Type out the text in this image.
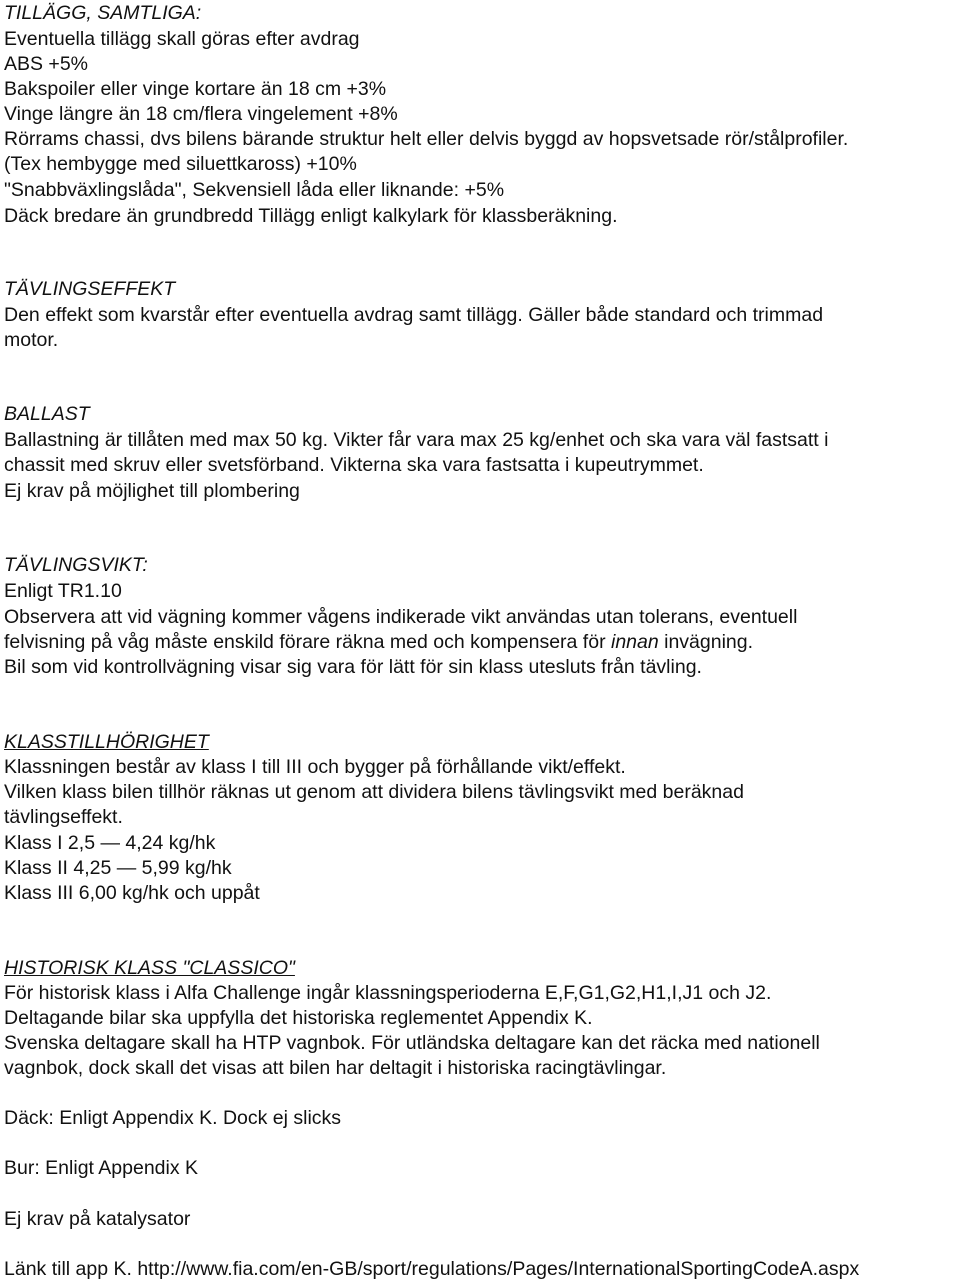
TILLÄGG, SAMTLIGA:
Eventuella tillägg skall göras efter avdrag
ABS +5%
Bakspoiler eller vinge kortare än 18 cm +3%
Vinge längre än 18 cm/flera vingelement +8%
Rörrams chassi, dvs bilens bärande struktur helt eller delvis byggd av hopsvetsade rör/stålprofiler.
(Tex hembygge med siluettkaross) +10%
"Snabbväxlingslåda", Sekvensiell låda eller liknande: +5%
Däck bredare än grundbredd Tillägg enligt kalkylark för klassberäkning.
TÄVLINGSEFFEKT
Den effekt som kvarstår efter eventuella avdrag samt tillägg. Gäller både standard och trimmad
motor.
BALLAST
Ballastning är tillåten med max 50 kg. Vikter får vara max 25 kg/enhet och ska vara väl fastsatt i
chassit med skruv eller svetsförband. Vikterna ska vara fastsatta i kupeutrymmet.
Ej krav på möjlighet till plombering
TÄVLINGSVIKT:
Enligt TR1.10
Observera att vid vägning kommer vågens indikerade vikt användas utan tolerans, eventuell
felvisning på våg måste enskild förare räkna med och kompensera för innan invägning.
Bil som vid kontrollvägning visar sig vara för lätt för sin klass utesluts från tävling.
KLASSTILLHÖRIGHET
Klassningen består av klass I till III och bygger på förhållande vikt/effekt.
Vilken klass bilen tillhör räknas ut genom att dividera bilens tävlingsvikt med beräknad
tävlingseffekt.
Klass I 2,5 — 4,24 kg/hk
Klass II 4,25 — 5,99 kg/hk
Klass III 6,00 kg/hk och uppåt
HISTORISK KLASS "CLASSICO"
För historisk klass i Alfa Challenge ingår klassningsperioderna E,F,G1,G2,H1,I,J1 och J2.
Deltagande bilar ska uppfylla det historiska reglementet Appendix K.
Svenska deltagare skall ha HTP vagnbok. För utländska deltagare kan det räcka med nationell
vagnbok, dock skall det visas att bilen har deltagit i historiska racingtävlingar.
Däck: Enligt Appendix K. Dock ej slicks
Bur: Enligt Appendix K
Ej krav på katalysator
Länk till app K. http://www.fia.com/en-GB/sport/regulations/Pages/InternationalSportingCodeA.aspx
